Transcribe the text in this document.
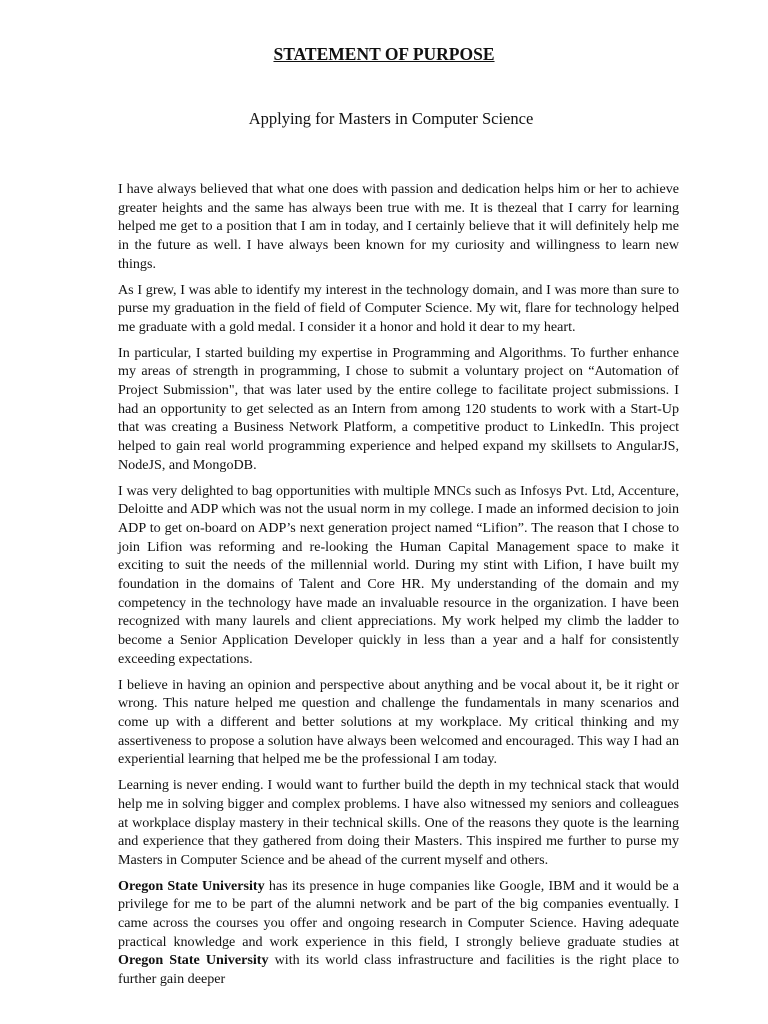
STATEMENT OF PURPOSE
Applying for Masters in Computer Science

I have always believed that what one does with passion and dedication helps him or her to achieve greater heights and the same has always been true with me. It is thezeal that I carry for learning helped me get to a position that I am in today, and I certainly believe that it will definitely help me in the future as well. I have always been known for my curiosity and willingness to learn new things.

As I grew, I was able to identify my interest in the technology domain, and I was more than sure to purse my graduation in the field of field of Computer Science. My wit, flare for technology helped me graduate with a gold medal. I consider it a honor and hold it dear to my heart.

In particular, I started building my expertise in Programming and Algorithms. To further enhance my areas of strength in programming, I chose to submit a voluntary project on “Automation of Project Submission", that was later used by the entire college to facilitate project submissions. I had an opportunity to get selected as an Intern from among 120 students to work with a Start-Up that was creating a Business Network Platform, a competitive product to LinkedIn. This project helped to gain real world programming experience and helped expand my skillsets to AngularJS, NodeJS, and MongoDB.

I was very delighted to bag opportunities with multiple MNCs such as Infosys Pvt. Ltd, Accenture, Deloitte and ADP which was not the usual norm in my college. I made an informed decision to join ADP to get on-board on ADP’s next generation project named “Lifion”. The reason that I chose to join Lifion was reforming and re-looking the Human Capital Management space to make it exciting to suit the needs of the millennial world. During my stint with Lifion, I have built my foundation in the domains of Talent and Core HR. My understanding of the domain and my competency in the technology have made an invaluable resource in the organization. I have been recognized with many laurels and client appreciations. My work helped my climb the ladder to become a Senior Application Developer quickly in less than a year and a half for consistently exceeding expectations.

I believe in having an opinion and perspective about anything and be vocal about it, be it right or wrong. This nature helped me question and challenge the fundamentals in many scenarios and come up with a different and better solutions at my workplace. My critical thinking and my assertiveness to propose a solution have always been welcomed and encouraged. This way I had an experiential learning that helped me be the professional I am today.

Learning is never ending. I would want to further build the depth in my technical stack that would help me in solving bigger and complex problems. I have also witnessed my seniors and colleagues at workplace display mastery in their technical skills. One of the reasons they quote is the learning and experience that they gathered from doing their Masters. This inspired me further to purse my Masters in Computer Science and be ahead of the current myself and others.

Oregon State University has its presence in huge companies like Google, IBM and it would be a privilege for me to be part of the alumni network and be part of the big companies eventually. I came across the courses you offer and ongoing research in Computer Science. Having adequate practical knowledge and work experience in this field, I strongly believe graduate studies at Oregon State University with its world class infrastructure and facilities is the right place to further gain deeper
